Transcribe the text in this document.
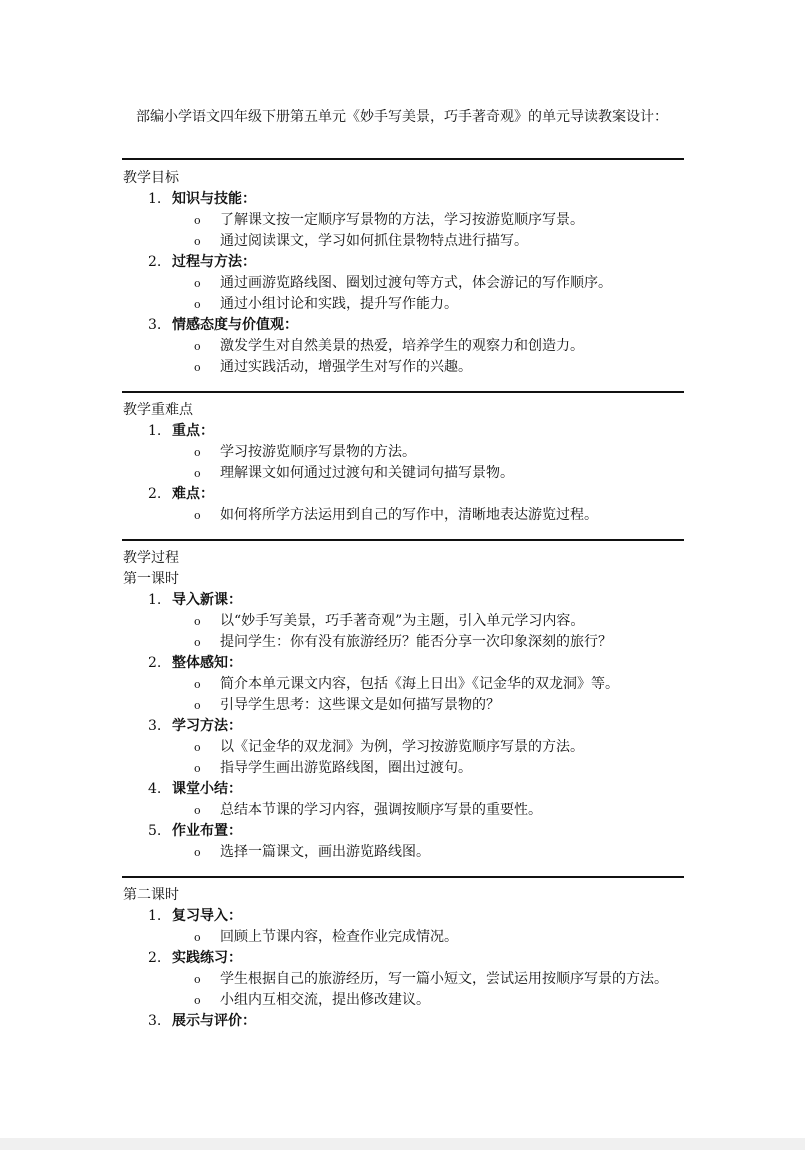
部编小学语文四年级下册第五单元《妙手写美景，巧手著奇观》的单元导读教案设计：
教学目标
1. 知识与技能：
o 了解课文按一定顺序写景物的方法，学习按游览顺序写景。
o 通过阅读课文，学习如何抓住景物特点进行描写。
2. 过程与方法：
o 通过画游览路线图、圈划过渡句等方式，体会游记的写作顺序。
o 通过小组讨论和实践，提升写作能力。
3. 情感态度与价值观：
o 激发学生对自然美景的热爱，培养学生的观察力和创造力。
o 通过实践活动，增强学生对写作的兴趣。
教学重难点
1. 重点：
o 学习按游览顺序写景物的方法。
o 理解课文如何通过过渡句和关键词句描写景物。
2. 难点：
o 如何将所学方法运用到自己的写作中，清晰地表达游览过程。
教学过程
第一课时
1. 导入新课：
o 以“妙手写美景，巧手著奇观”为主题，引入单元学习内容。
o 提问学生：你有没有旅游经历？能否分享一次印象深刻的旅行？
2. 整体感知：
o 简介本单元课文内容，包括《海上日出》《记金华的双龙洞》等。
o 引导学生思考：这些课文是如何描写景物的？
3. 学习方法：
o 以《记金华的双龙洞》为例，学习按游览顺序写景的方法。
o 指导学生画出游览路线图，圈出过渡句。
4. 课堂小结：
o 总结本节课的学习内容，强调按顺序写景的重要性。
5. 作业布置：
o 选择一篇课文，画出游览路线图。
第二课时
1. 复习导入：
o 回顾上节课内容，检查作业完成情况。
2. 实践练习：
o 学生根据自己的旅游经历，写一篇小短文，尝试运用按顺序写景的方法。
o 小组内互相交流，提出修改建议。
3. 展示与评价：
